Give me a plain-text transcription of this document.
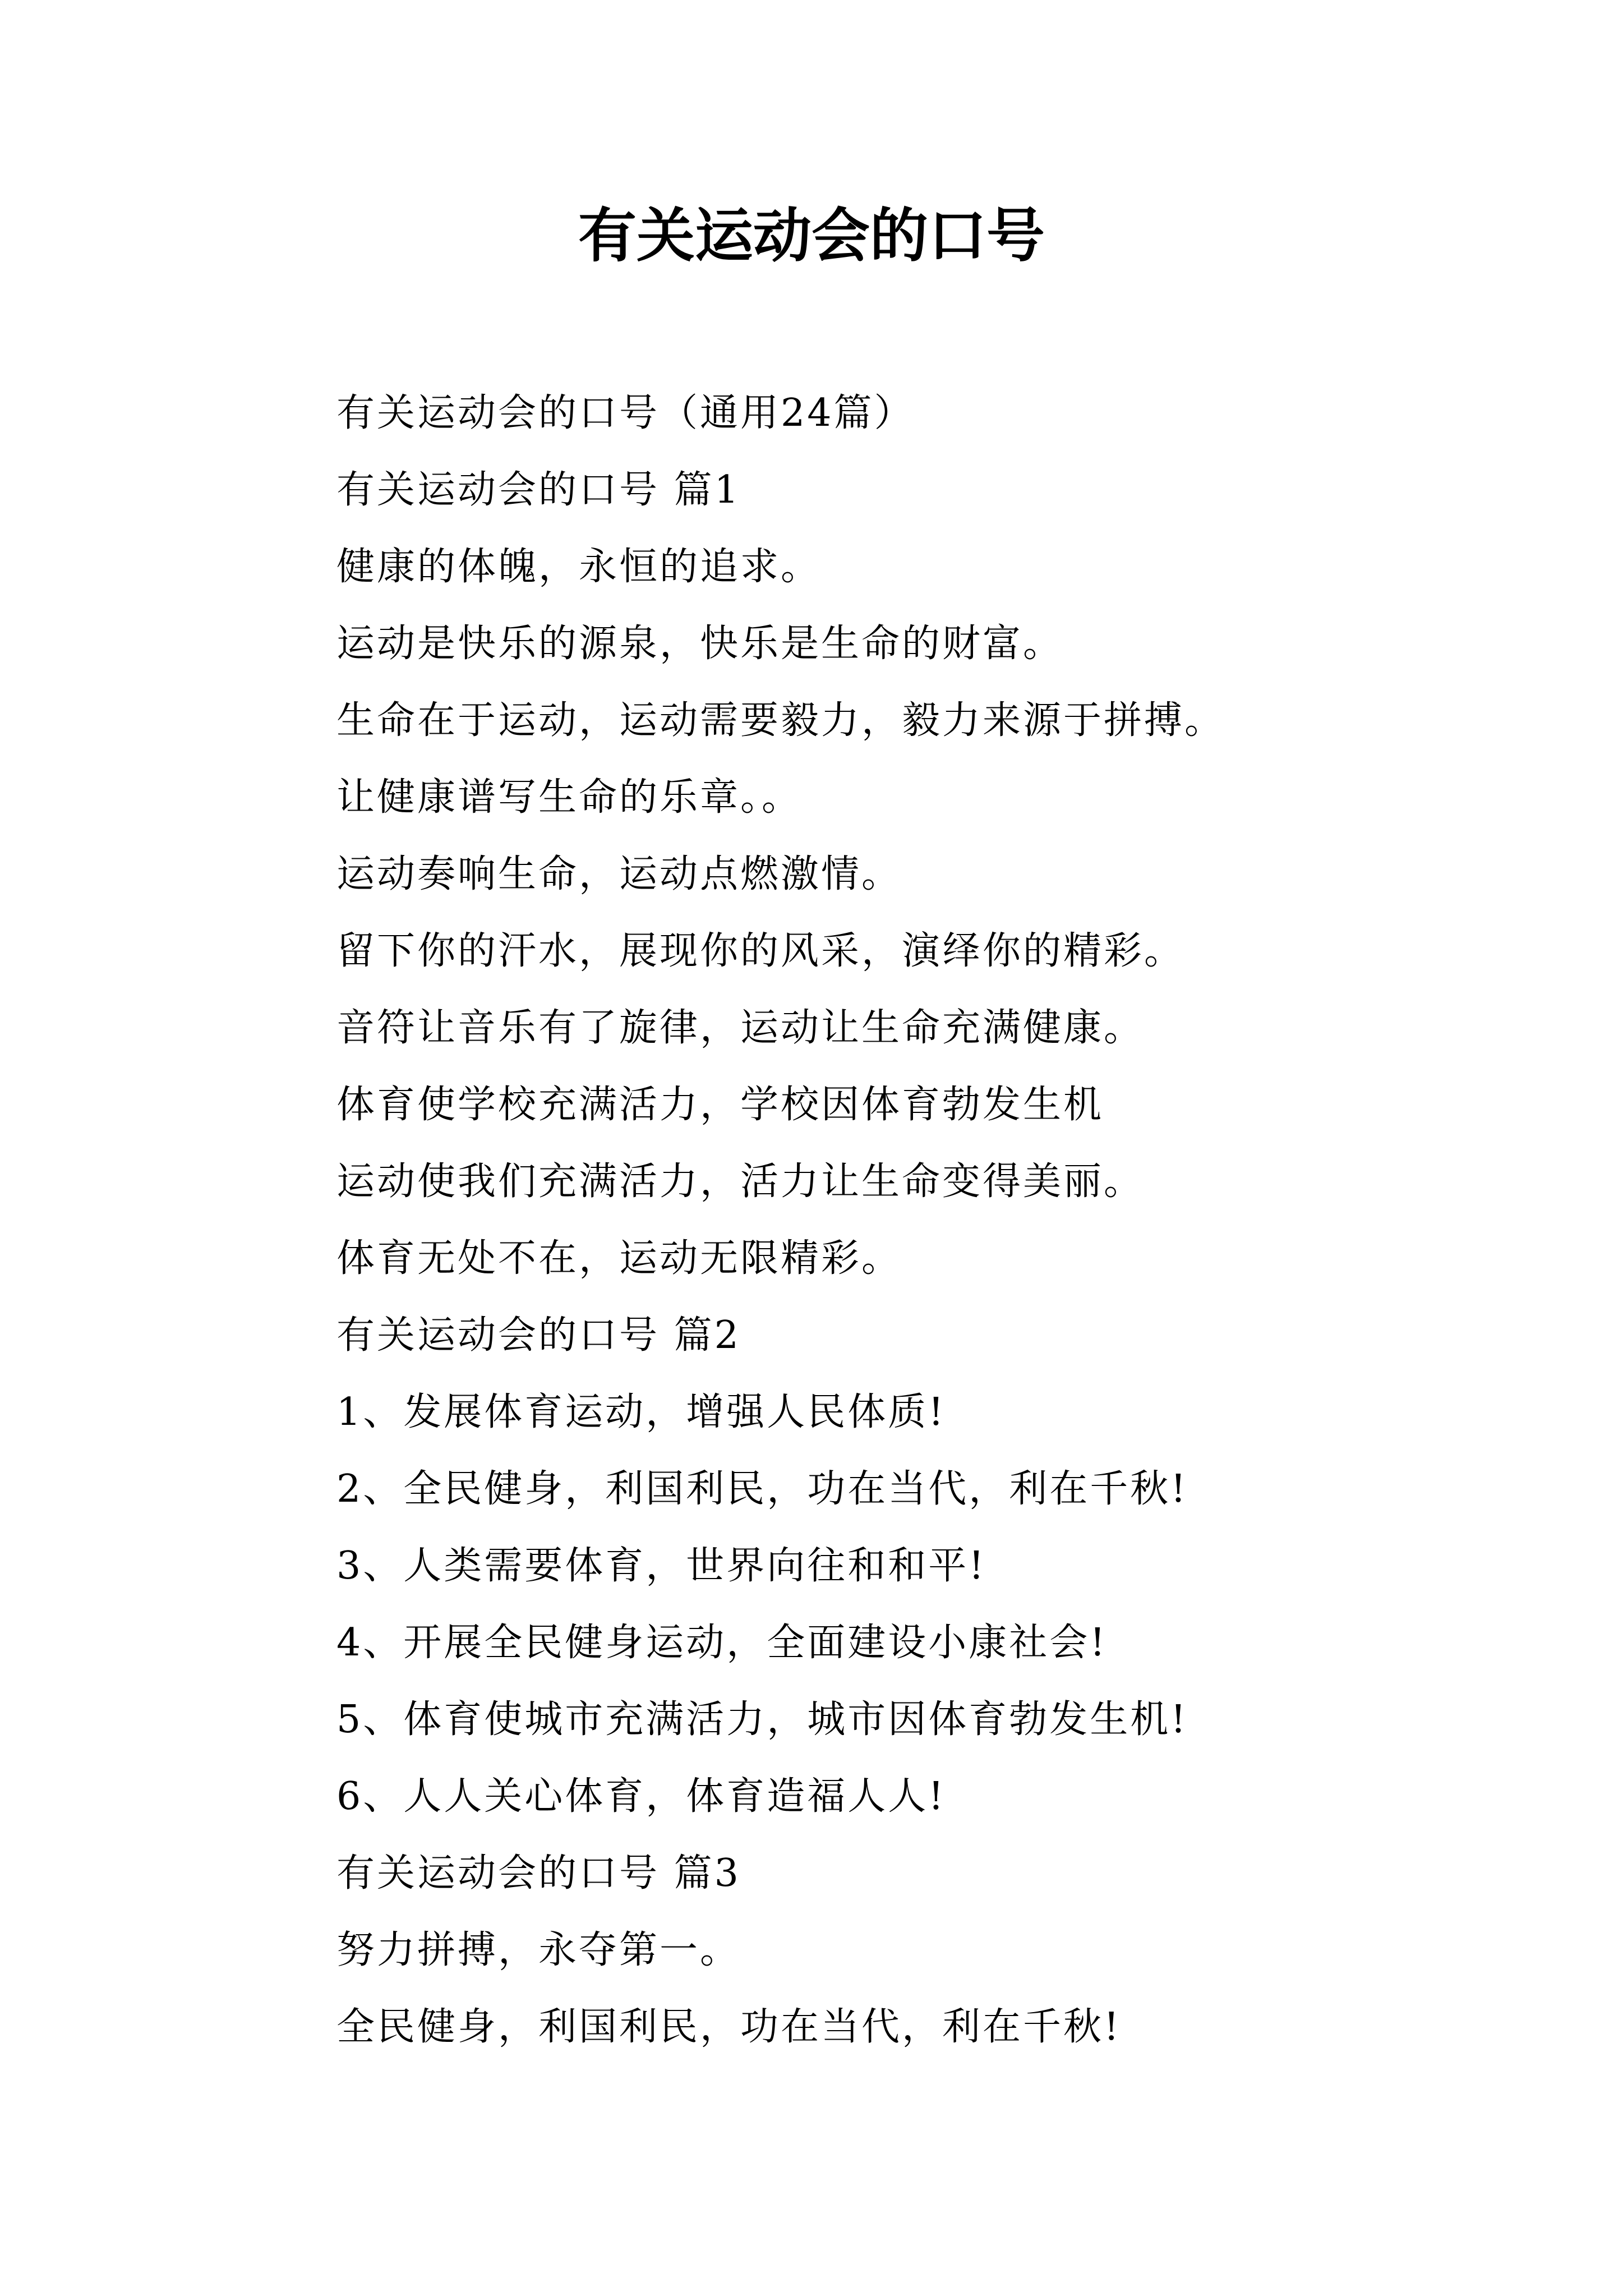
有关运动会的口号
有关运动会的口号（通用24篇）
有关运动会的口号 篇1
健康的体魄，永恒的追求。
运动是快乐的源泉，快乐是生命的财富。
生命在于运动，运动需要毅力，毅力来源于拼搏。
让健康谱写生命的乐章。。
运动奏响生命，运动点燃激情。
留下你的汗水，展现你的风采，演绎你的精彩。
音符让音乐有了旋律，运动让生命充满健康。
体育使学校充满活力，学校因体育勃发生机
运动使我们充满活力，活力让生命变得美丽。
体育无处不在，运动无限精彩。
有关运动会的口号 篇2
1、发展体育运动，增强人民体质!
2、全民健身，利国利民，功在当代，利在千秋!
3、人类需要体育，世界向往和和平!
4、开展全民健身运动，全面建设小康社会!
5、体育使城市充满活力，城市因体育勃发生机!
6、人人关心体育，体育造福人人!
有关运动会的口号 篇3
努力拼搏，永夺第一。
全民健身，利国利民，功在当代，利在千秋!
